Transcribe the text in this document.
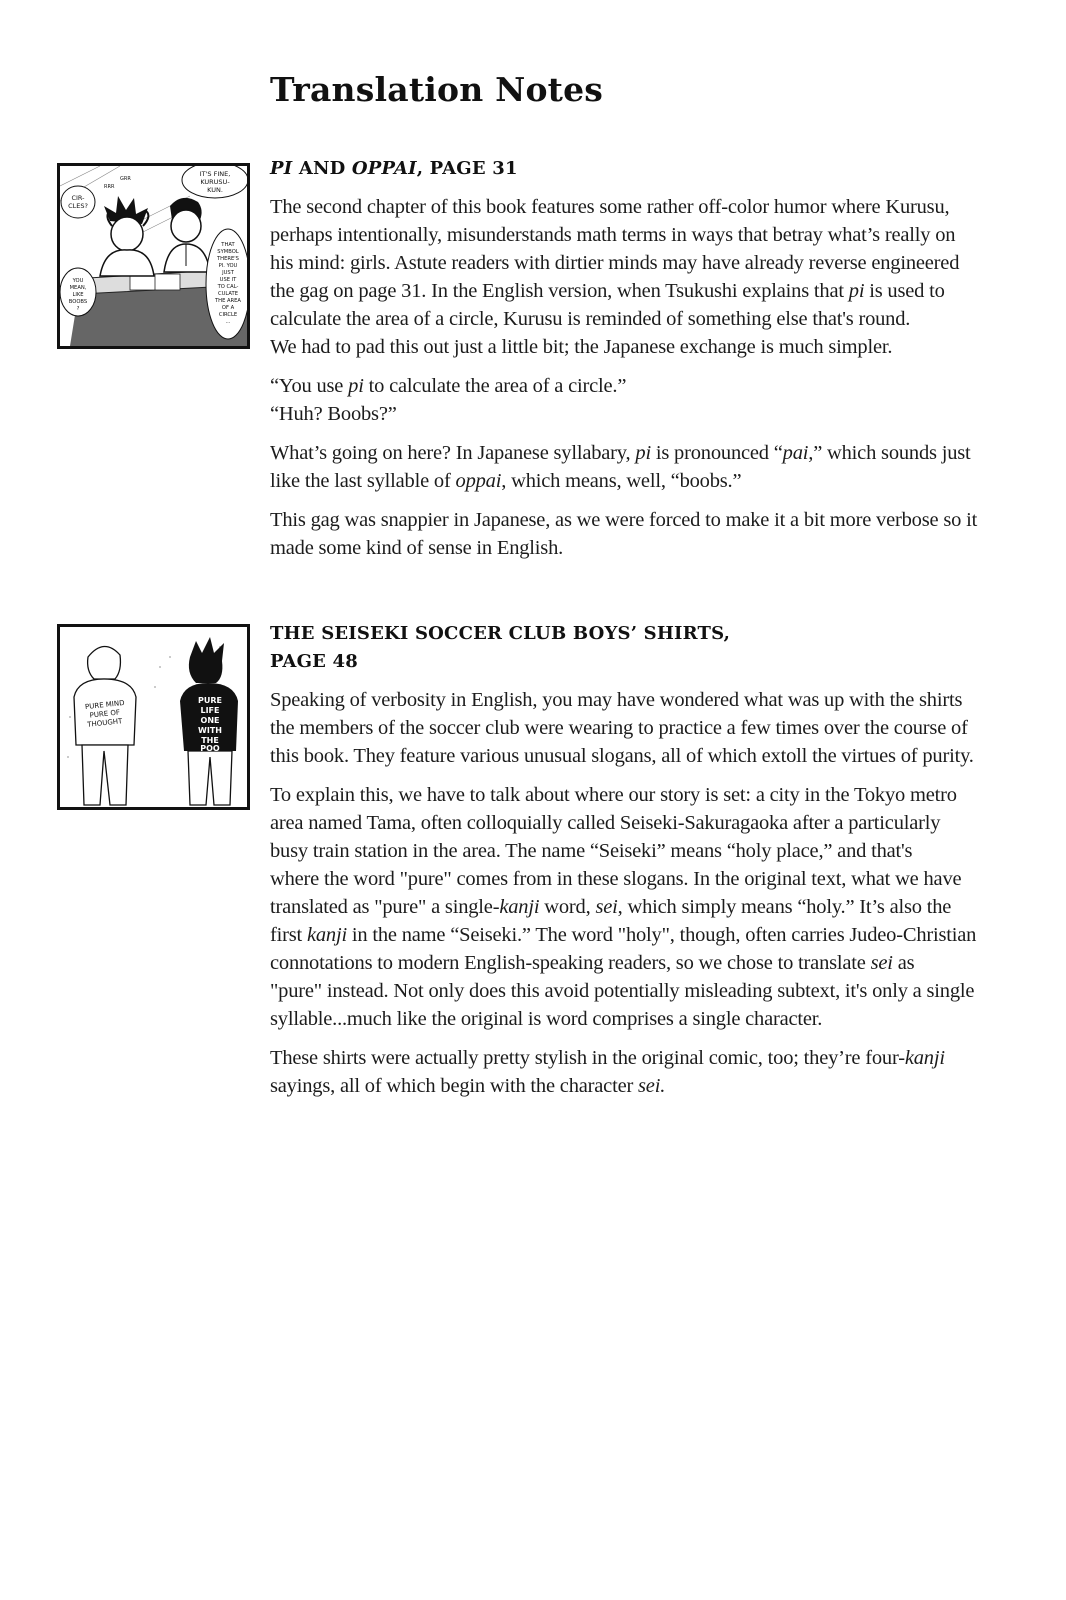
Translation Notes
IT'S FINE,
KURUSU-
KUN.
CIR-
CLES?
GRR
RRR
THAT
SYMBOL
THERE'S
PI. YOU
JUST
USE IT
TO CAL-
CULATE
THE AREA
OF A
CIRCLE
...
YOU
MEAN,
LIKE
BOOBS
?
PI AND OPPAI, PAGE 31

The second chapter of this book features some rather off-color humor where Kurusu,
perhaps intentionally, misunderstands math terms in ways that betray what’s really on
his mind: girls. Astute readers with dirtier minds may have already reverse engineered
the gag on page 31. In the English version, when Tsukushi explains that pi is used to
calculate the area of a circle, Kurusu is reminded of something else that's round.
We had to pad this out just a little bit; the Japanese exchange is much simpler.

“You use pi to calculate the area of a circle.”
“Huh? Boobs?”

What’s going on here? In Japanese syllabary, pi is pronounced “pai,” which sounds just
like the last syllable of oppai, which means, well, “boobs.”

This gag was snappier in Japanese, as we were forced to make it a bit more verbose so it
made some kind of sense in English.

PURE MIND
PURE OF
THOUGHT
PURE
LIFE
ONE
WITH
THE
POO
THE SEISEKI SOCCER CLUB BOYS’ SHIRTS,
PAGE 48

Speaking of verbosity in English, you may have wondered what was up with the shirts
the members of the soccer club were wearing to practice a few times over the course of
this book. They feature various unusual slogans, all of which extoll the virtues of purity.

To explain this, we have to talk about where our story is set: a city in the Tokyo metro
area named Tama, often colloquially called Seiseki-Sakuragaoka after a particularly
busy train station in the area. The name “Seiseki” means “holy place,” and that's
where the word "pure" comes from in these slogans. In the original text, what we have
translated as "pure" a single-kanji word, sei, which simply means “holy.” It’s also the
first kanji in the name “Seiseki.” The word "holy", though, often carries Judeo-Christian
connotations to modern English-speaking readers, so we chose to translate sei as
"pure" instead. Not only does this avoid potentially misleading subtext, it's only a single
syllable...much like the original is word comprises a single character.

These shirts were actually pretty stylish in the original comic, too; they’re four-kanji
sayings, all of which begin with the character sei.
